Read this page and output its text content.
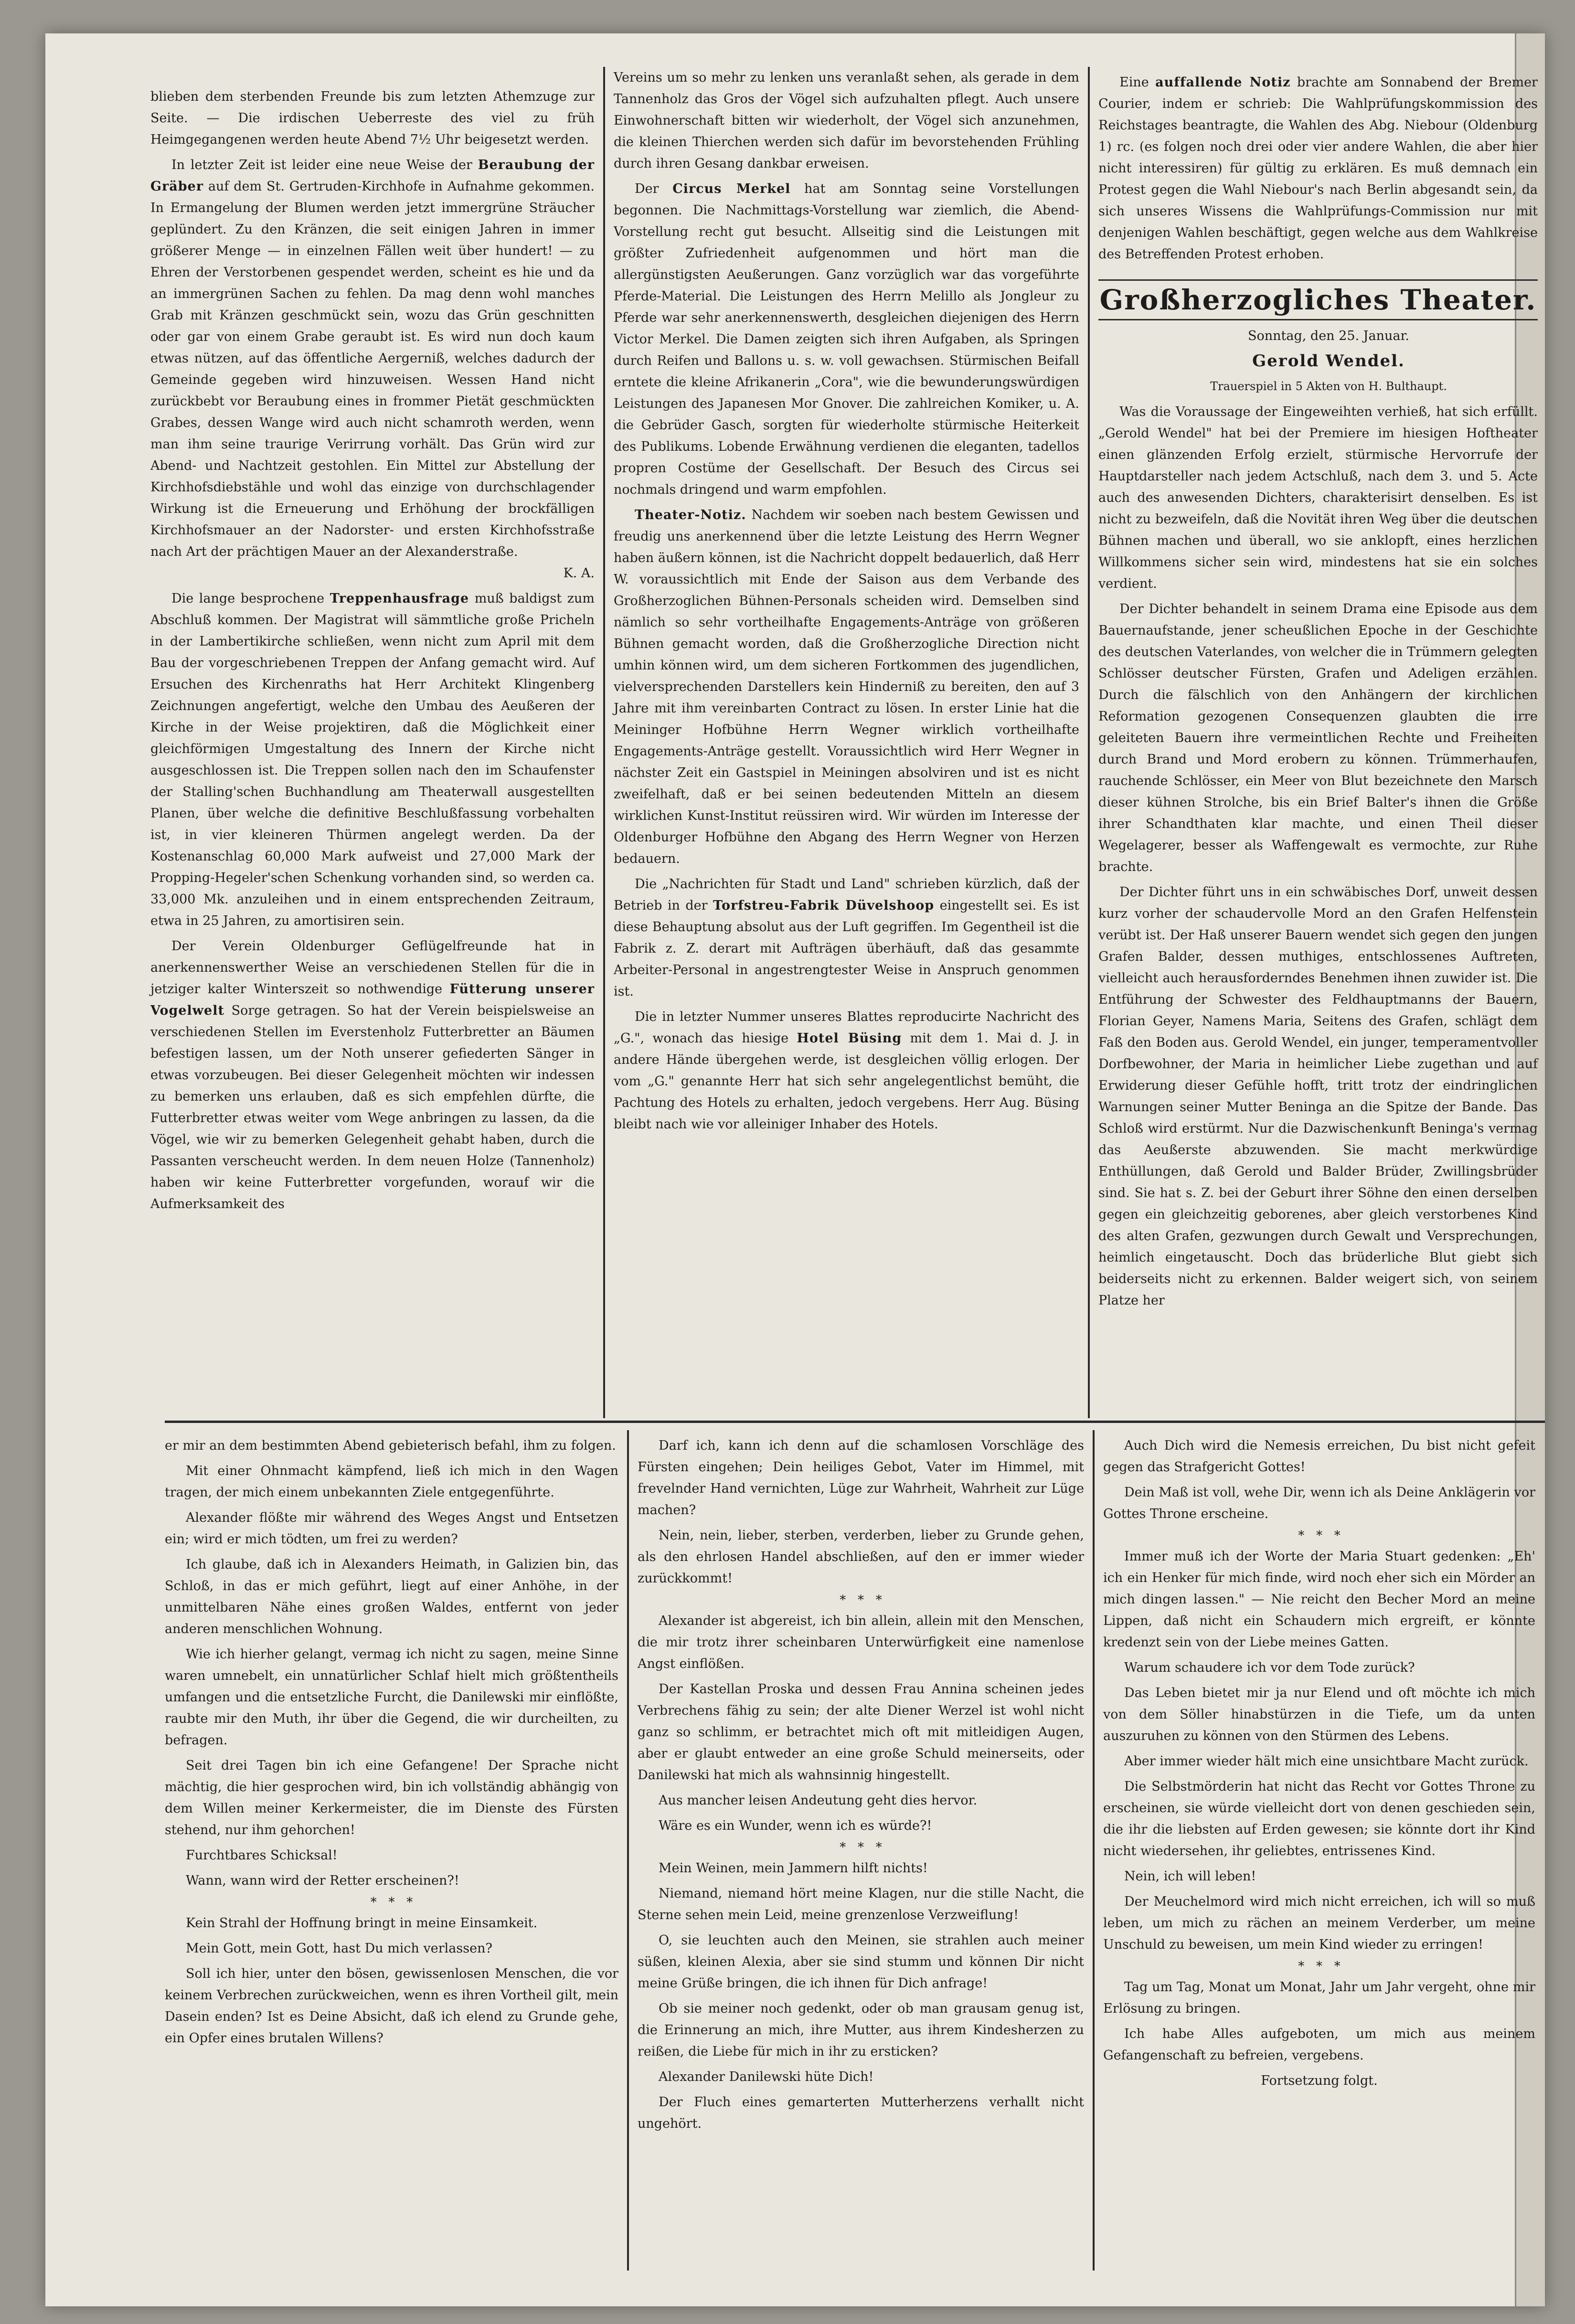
blieben dem sterbenden Freunde bis zum letzten Athemzuge zur Seite. — Die irdischen Ueberreste des viel zu früh Heimgegangenen werden heute Abend 7½ Uhr beigesetzt werden.

In letzter Zeit ist leider eine neue Weise der Beraubung der Gräber auf dem St. Gertruden-Kirchhofe in Aufnahme gekommen. In Ermangelung der Blumen werden jetzt immergrüne Sträucher geplündert. Zu den Kränzen, die seit einigen Jahren in immer größerer Menge — in einzelnen Fällen weit über hundert! — zu Ehren der Verstorbenen gespendet werden, scheint es hie und da an immergrünen Sachen zu fehlen. Da mag denn wohl manches Grab mit Kränzen geschmückt sein, wozu das Grün geschnitten oder gar von einem Grabe geraubt ist. Es wird nun doch kaum etwas nützen, auf das öffentliche Aergerniß, welches dadurch der Gemeinde gegeben wird hinzuweisen. Wessen Hand nicht zurückbebt vor Beraubung eines in frommer Pietät geschmückten Grabes, dessen Wange wird auch nicht schamroth werden, wenn man ihm seine traurige Verirrung vorhält. Das Grün wird zur Abend- und Nachtzeit gestohlen. Ein Mittel zur Abstellung der Kirchhofsdiebstähle und wohl das einzige von durchschlagender Wirkung ist die Erneuerung und Erhöhung der brockfälligen Kirchhofsmauer an der Nadorster- und ersten Kirchhofsstraße nach Art der prächtigen Mauer an der Alexanderstraße.
K. A.

Die lange besprochene Treppenhausfrage muß baldigst zum Abschluß kommen. Der Magistrat will sämmtliche große Pricheln in der Lambertikirche schließen, wenn nicht zum April mit dem Bau der vorgeschriebenen Treppen der Anfang gemacht wird. Auf Ersuchen des Kirchenraths hat Herr Architekt Klingenberg Zeichnungen angefertigt, welche den Umbau des Aeußeren der Kirche in der Weise projektiren, daß die Möglichkeit einer gleichförmigen Umgestaltung des Innern der Kirche nicht ausgeschlossen ist. Die Treppen sollen nach den im Schaufenster der Stalling'schen Buchhandlung am Theaterwall ausgestellten Planen, über welche die definitive Beschlußfassung vorbehalten ist, in vier kleineren Thürmen angelegt werden. Da der Kostenanschlag 60,000 Mark aufweist und 27,000 Mark der Propping-Hegeler'schen Schenkung vorhanden sind, so werden ca. 33,000 Mk. anzuleihen und in einem entsprechenden Zeitraum, etwa in 25 Jahren, zu amortisiren sein.

Der Verein Oldenburger Geflügelfreunde hat in anerkennenswerther Weise an verschiedenen Stellen für die in jetziger kalter Winterszeit so nothwendige Fütterung unserer Vogelwelt Sorge getragen. So hat der Verein beispielsweise an verschiedenen Stellen im Everstenholz Futterbretter an Bäumen befestigen lassen, um der Noth unserer gefiederten Sänger in etwas vorzubeugen. Bei dieser Gelegenheit möchten wir indessen zu bemerken uns erlauben, daß es sich empfehlen dürfte, die Futterbretter etwas weiter vom Wege anbringen zu lassen, da die Vögel, wie wir zu bemerken Gelegenheit gehabt haben, durch die Passanten verscheucht werden. In dem neuen Holze (Tannenholz) haben wir keine Futterbretter vorgefunden, worauf wir die Aufmerksamkeit des

Vereins um so mehr zu lenken uns veranlaßt sehen, als gerade in dem Tannenholz das Gros der Vögel sich aufzuhalten pflegt. Auch unsere Einwohnerschaft bitten wir wiederholt, der Vögel sich anzunehmen, die kleinen Thierchen werden sich dafür im bevorstehenden Frühling durch ihren Gesang dankbar erweisen.

Der Circus Merkel hat am Sonntag seine Vorstellungen begonnen. Die Nachmittags-Vorstellung war ziemlich, die Abend-Vorstellung recht gut besucht. Allseitig sind die Leistungen mit größter Zufriedenheit aufgenommen und hört man die allergünstigsten Aeußerungen. Ganz vorzüglich war das vorgeführte Pferde-Material. Die Leistungen des Herrn Melillo als Jongleur zu Pferde war sehr anerkennenswerth, desgleichen diejenigen des Herrn Victor Merkel. Die Damen zeigten sich ihren Aufgaben, als Springen durch Reifen und Ballons u. s. w. voll gewachsen. Stürmischen Beifall erntete die kleine Afrikanerin „Cora", wie die bewunderungswürdigen Leistungen des Japanesen Mor Gnover. Die zahlreichen Komiker, u. A. die Gebrüder Gasch, sorgten für wiederholte stürmische Heiterkeit des Publikums. Lobende Erwähnung verdienen die eleganten, tadellos propren Costüme der Gesellschaft. Der Besuch des Circus sei nochmals dringend und warm empfohlen.

Theater-Notiz. Nachdem wir soeben nach bestem Gewissen und freudig uns anerkennend über die letzte Leistung des Herrn Wegner haben äußern können, ist die Nachricht doppelt bedauerlich, daß Herr W. voraussichtlich mit Ende der Saison aus dem Verbande des Großherzoglichen Bühnen-Personals scheiden wird. Demselben sind nämlich so sehr vortheilhafte Engagements-Anträge von größeren Bühnen gemacht worden, daß die Großherzogliche Direction nicht umhin können wird, um dem sicheren Fortkommen des jugendlichen, vielversprechenden Darstellers kein Hinderniß zu bereiten, den auf 3 Jahre mit ihm vereinbarten Contract zu lösen. In erster Linie hat die Meininger Hofbühne Herrn Wegner wirklich vortheilhafte Engagements-Anträge gestellt. Voraussichtlich wird Herr Wegner in nächster Zeit ein Gastspiel in Meiningen absolviren und ist es nicht zweifelhaft, daß er bei seinen bedeutenden Mitteln an diesem wirklichen Kunst-Institut reüssiren wird. Wir würden im Interesse der Oldenburger Hofbühne den Abgang des Herrn Wegner von Herzen bedauern.

Die „Nachrichten für Stadt und Land" schrieben kürzlich, daß der Betrieb in der Torfstreu-Fabrik Düvelshoop eingestellt sei. Es ist diese Behauptung absolut aus der Luft gegriffen. Im Gegentheil ist die Fabrik z. Z. derart mit Aufträgen überhäuft, daß das gesammte Arbeiter-Personal in angestrengtester Weise in Anspruch genommen ist.

Die in letzter Nummer unseres Blattes reproducirte Nachricht des „G.", wonach das hiesige Hotel Büsing mit dem 1. Mai d. J. in andere Hände übergehen werde, ist desgleichen völlig erlogen. Der vom „G." genannte Herr hat sich sehr angelegentlichst bemüht, die Pachtung des Hotels zu erhalten, jedoch vergebens. Herr Aug. Büsing bleibt nach wie vor alleiniger Inhaber des Hotels.

Eine auffallende Notiz brachte am Sonnabend der Bremer Courier, indem er schrieb: Die Wahlprüfungskommission des Reichstages beantragte, die Wahlen des Abg. Niebour (Oldenburg 1) rc. (es folgen noch drei oder vier andere Wahlen, die aber hier nicht interessiren) für gültig zu erklären. Es muß demnach ein Protest gegen die Wahl Niebour's nach Berlin abgesandt sein, da sich unseres Wissens die Wahlprüfungs-Commission nur mit denjenigen Wahlen beschäftigt, gegen welche aus dem Wahlkreise des Betreffenden Protest erhoben.

Großherzogliches Theater.

Sonntag, den 25. Januar.

Gerold Wendel.

Trauerspiel in 5 Akten von H. Bulthaupt.

Was die Voraussage der Eingeweihten verhieß, hat sich erfüllt. „Gerold Wendel" hat bei der Premiere im hiesigen Hoftheater einen glänzenden Erfolg erzielt, stürmische Hervorrufe der Hauptdarsteller nach jedem Actschluß, nach dem 3. und 5. Acte auch des anwesenden Dichters, charakterisirt denselben. Es ist nicht zu bezweifeln, daß die Novität ihren Weg über die deutschen Bühnen machen und überall, wo sie anklopft, eines herzlichen Willkommens sicher sein wird, mindestens hat sie ein solches verdient.

Der Dichter behandelt in seinem Drama eine Episode aus dem Bauernaufstande, jener scheußlichen Epoche in der Geschichte des deutschen Vaterlandes, von welcher die in Trümmern gelegten Schlösser deutscher Fürsten, Grafen und Adeligen erzählen. Durch die fälschlich von den Anhängern der kirchlichen Reformation gezogenen Consequenzen glaubten die irre geleiteten Bauern ihre vermeintlichen Rechte und Freiheiten durch Brand und Mord erobern zu können. Trümmerhaufen, rauchende Schlösser, ein Meer von Blut bezeichnete den Marsch dieser kühnen Strolche, bis ein Brief Balter's ihnen die Größe ihrer Schandthaten klar machte, und einen Theil dieser Wegelagerer, besser als Waffengewalt es vermochte, zur Ruhe brachte.

Der Dichter führt uns in ein schwäbisches Dorf, unweit dessen kurz vorher der schaudervolle Mord an den Grafen Helfenstein verübt ist. Der Haß unserer Bauern wendet sich gegen den jungen Grafen Balder, dessen muthiges, entschlossenes Auftreten, vielleicht auch herausforderndes Benehmen ihnen zuwider ist. Die Entführung der Schwester des Feldhauptmanns der Bauern, Florian Geyer, Namens Maria, Seitens des Grafen, schlägt dem Faß den Boden aus. Gerold Wendel, ein junger, temperamentvoller Dorfbewohner, der Maria in heimlicher Liebe zugethan und auf Erwiderung dieser Gefühle hofft, tritt trotz der eindringlichen Warnungen seiner Mutter Beninga an die Spitze der Bande. Das Schloß wird erstürmt. Nur die Dazwischenkunft Beninga's vermag das Aeußerste abzuwenden. Sie macht merkwürdige Enthüllungen, daß Gerold und Balder Brüder, Zwillingsbrüder sind. Sie hat s. Z. bei der Geburt ihrer Söhne den einen derselben gegen ein gleichzeitig geborenes, aber gleich verstorbenes Kind des alten Grafen, gezwungen durch Gewalt und Versprechungen, heimlich eingetauscht. Doch das brüderliche Blut giebt sich beiderseits nicht zu erkennen. Balder weigert sich, von seinem Platze her

er mir an dem bestimmten Abend gebieterisch befahl, ihm zu folgen.

Mit einer Ohnmacht kämpfend, ließ ich mich in den Wagen tragen, der mich einem unbekannten Ziele entgegenführte.

Alexander flößte mir während des Weges Angst und Entsetzen ein; wird er mich tödten, um frei zu werden?

Ich glaube, daß ich in Alexanders Heimath, in Galizien bin, das Schloß, in das er mich geführt, liegt auf einer Anhöhe, in der unmittelbaren Nähe eines großen Waldes, entfernt von jeder anderen menschlichen Wohnung.

Wie ich hierher gelangt, vermag ich nicht zu sagen, meine Sinne waren umnebelt, ein unnatürlicher Schlaf hielt mich größtentheils umfangen und die entsetzliche Furcht, die Danilewski mir einflößte, raubte mir den Muth, ihr über die Gegend, die wir durcheilten, zu befragen.

Seit drei Tagen bin ich eine Gefangene! Der Sprache nicht mächtig, die hier gesprochen wird, bin ich vollständig abhängig von dem Willen meiner Kerkermeister, die im Dienste des Fürsten stehend, nur ihm gehorchen!

Furchtbares Schicksal!

Wann, wann wird der Retter erscheinen?!

*   *   *

Kein Strahl der Hoffnung bringt in meine Einsamkeit.

Mein Gott, mein Gott, hast Du mich verlassen?

Soll ich hier, unter den bösen, gewissenlosen Menschen, die vor keinem Verbrechen zurückweichen, wenn es ihren Vortheil gilt, mein Dasein enden? Ist es Deine Absicht, daß ich elend zu Grunde gehe, ein Opfer eines brutalen Willens?

Darf ich, kann ich denn auf die schamlosen Vorschläge des Fürsten eingehen; Dein heiliges Gebot, Vater im Himmel, mit frevelnder Hand vernichten, Lüge zur Wahrheit, Wahrheit zur Lüge machen?

Nein, nein, lieber, sterben, verderben, lieber zu Grunde gehen, als den ehrlosen Handel abschließen, auf den er immer wieder zurückkommt!

*   *   *

Alexander ist abgereist, ich bin allein, allein mit den Menschen, die mir trotz ihrer scheinbaren Unterwürfigkeit eine namenlose Angst einflößen.

Der Kastellan Proska und dessen Frau Annina scheinen jedes Verbrechens fähig zu sein; der alte Diener Werzel ist wohl nicht ganz so schlimm, er betrachtet mich oft mit mitleidigen Augen, aber er glaubt entweder an eine große Schuld meinerseits, oder Danilewski hat mich als wahnsinnig hingestellt.

Aus mancher leisen Andeutung geht dies hervor.

Wäre es ein Wunder, wenn ich es würde?!

*   *   *

Mein Weinen, mein Jammern hilft nichts!

Niemand, niemand hört meine Klagen, nur die stille Nacht, die Sterne sehen mein Leid, meine grenzenlose Verzweiflung!

O, sie leuchten auch den Meinen, sie strahlen auch meiner süßen, kleinen Alexia, aber sie sind stumm und können Dir nicht meine Grüße bringen, die ich ihnen für Dich anfrage!

Ob sie meiner noch gedenkt, oder ob man grausam genug ist, die Erinnerung an mich, ihre Mutter, aus ihrem Kindesherzen zu reißen, die Liebe für mich in ihr zu ersticken?

Alexander Danilewski hüte Dich!

Der Fluch eines gemarterten Mutterherzens verhallt nicht ungehört.

Auch Dich wird die Nemesis erreichen, Du bist nicht gefeit gegen das Strafgericht Gottes!

Dein Maß ist voll, wehe Dir, wenn ich als Deine Anklägerin vor Gottes Throne erscheine.

*   *   *

Immer muß ich der Worte der Maria Stuart gedenken: „Eh' ich ein Henker für mich finde, wird noch eher sich ein Mörder an mich dingen lassen." — Nie reicht den Becher Mord an meine Lippen, daß nicht ein Schaudern mich ergreift, er könnte kredenzt sein von der Liebe meines Gatten.

Warum schaudere ich vor dem Tode zurück?

Das Leben bietet mir ja nur Elend und oft möchte ich mich von dem Söller hinabstürzen in die Tiefe, um da unten auszuruhen zu können von den Stürmen des Lebens.

Aber immer wieder hält mich eine unsichtbare Macht zurück.

Die Selbstmörderin hat nicht das Recht vor Gottes Throne zu erscheinen, sie würde vielleicht dort von denen geschieden sein, die ihr die liebsten auf Erden gewesen; sie könnte dort ihr Kind nicht wiedersehen, ihr geliebtes, entrissenes Kind.

Nein, ich will leben!

Der Meuchelmord wird mich nicht erreichen, ich will so muß leben, um mich zu rächen an meinem Verderber, um meine Unschuld zu beweisen, um mein Kind wieder zu erringen!

*   *   *

Tag um Tag, Monat um Monat, Jahr um Jahr vergeht, ohne mir Erlösung zu bringen.

Ich habe Alles aufgeboten, um mich aus meinem Gefangenschaft zu befreien, vergebens.

Fortsetzung folgt.
